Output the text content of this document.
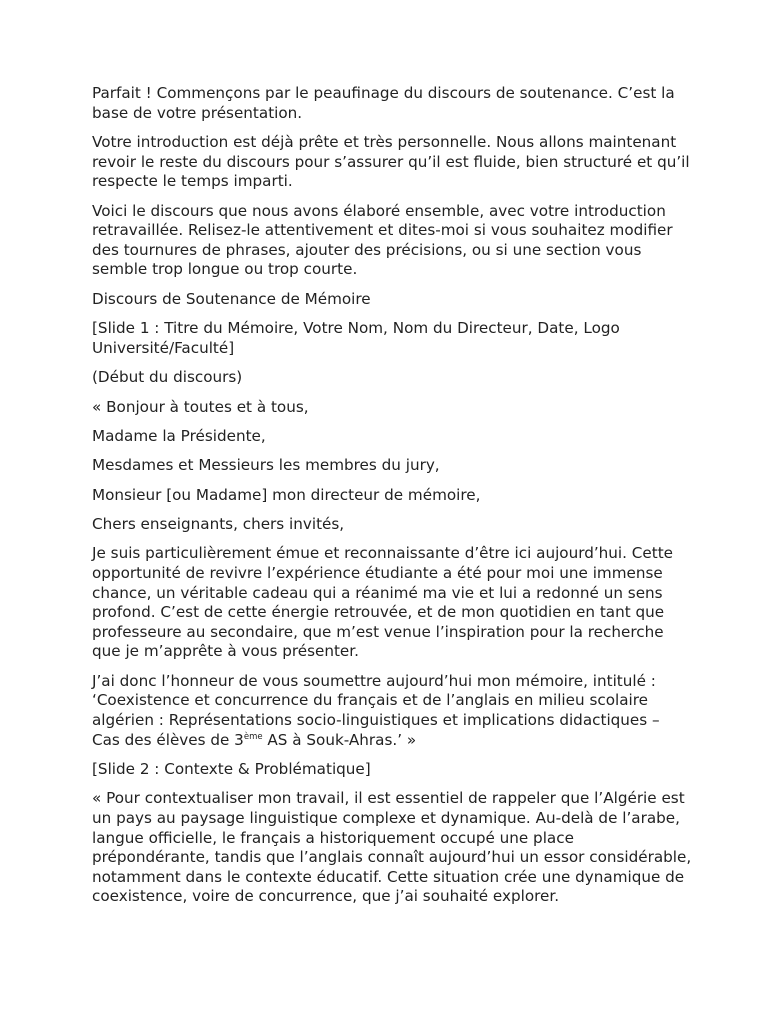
Parfait ! Commençons par le peaufinage du discours de soutenance. C’est la base de votre présentation.

Votre introduction est déjà prête et très personnelle. Nous allons maintenant revoir le reste du discours pour s’assurer qu’il est fluide, bien structuré et qu’il respecte le temps imparti.

Voici le discours que nous avons élaboré ensemble, avec votre introduction retravaillée. Relisez-le attentivement et dites-moi si vous souhaitez modifier des tournures de phrases, ajouter des précisions, ou si une section vous semble trop longue ou trop courte.

Discours de Soutenance de Mémoire

[Slide 1 : Titre du Mémoire, Votre Nom, Nom du Directeur, Date, Logo Université/Faculté]

(Début du discours)

« Bonjour à toutes et à tous,

Madame la Présidente,

Mesdames et Messieurs les membres du jury,

Monsieur [ou Madame] mon directeur de mémoire,

Chers enseignants, chers invités,

Je suis particulièrement émue et reconnaissante d’être ici aujourd’hui. Cette opportunité de revivre l’expérience étudiante a été pour moi une immense chance, un véritable cadeau qui a réanimé ma vie et lui a redonné un sens profond. C’est de cette énergie retrouvée, et de mon quotidien en tant que professeure au secondaire, que m’est venue l’inspiration pour la recherche que je m’apprête à vous présenter.

J’ai donc l’honneur de vous soumettre aujourd’hui mon mémoire, intitulé : ‘Coexistence et concurrence du français et de l’anglais en milieu scolaire algérien : Représentations socio-linguistiques et implications didactiques – Cas des élèves de 3ème AS à Souk-Ahras.’ »

[Slide 2 : Contexte & Problématique]

« Pour contextualiser mon travail, il est essentiel de rappeler que l’Algérie est un pays au paysage linguistique complexe et dynamique. Au-delà de l’arabe, langue officielle, le français a historiquement occupé une place prépondérante, tandis que l’anglais connaît aujourd’hui un essor considérable, notamment dans le contexte éducatif. Cette situation crée une dynamique de coexistence, voire de concurrence, que j’ai souhaité explorer.
